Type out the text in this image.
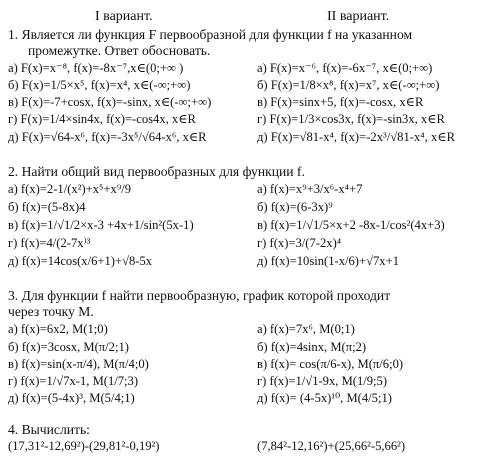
I вариант.	II вариант.
1. Является ли функция F первообразной для функции f на указанном
промежутке. Ответ обосновать.
а) F(x)=x⁻⁸, f(x)=-8x⁻⁷,x∈(0;+∞ )
б) F(x)=1/5×x⁵, f(x)=x⁴, x∈(-∞;+∞)
в) F(x)=-7+cosx, f(x)=-sinx, x∈(-∞;+∞)
г) F(x)=1/4×sin4x, f(x)=-cos4x, x∈R
д) F(x)=√64-x⁶, f(x)=-3x⁵/√64-x⁶, x∈R
а) F(x)=x⁻⁶, f(x)=-6x⁻⁷, x∈(0;+∞)
б) F(x)=1/8×x⁸, f(x)=x⁷, x∈(-∞;+∞)
в) F(x)=sinx+5, f(x)=-cosx, x∈R
г) F(x)=1/3×cos3x, f(x)=-sin3x, x∈R
д) F(x)=√81-x⁴, f(x)=-2x³/√81-x⁴, x∈R
2. Найти общий вид первообразных для функции f.
а) f(x)=2-1/(x²)+x⁵+x⁹/9
б) f(x)=(5-8x)4
в) f(x)=1/√1/2×x-3 +4x+1/sin²(5x-1)
г) f(x)=4/(2-7x⁾³
д) f(x)=14cos(x/6+1)+√8-5x
а) f(x)=x⁹+3/x⁶-x⁴+7
б) f(x)=(6-3x)⁹
в) f(x)=1/√1/5×x+2 -8x-1/cos²(4x+3)
г) f(x)=3/(7-2x)⁴
д) f(x)=10sin(1-x/6)+√7x+1
3. Для функции f найти первообразную, график которой проходит
через точку М.
а) f(x)=6x2, M(1;0)
б) f(x)=3cosx, M(π/2;1)
в) f(x)=sin(x-π/4), M(π/4;0)
г) f(x)=1/√7x-1, M(1/7;3)
д) f(x)=(5-4x)³, M(5/4;1)
а) f(x)=7x⁶, M(0;1)
б) f(x)=4sinx, M(π;2)
в) f(x)= cos(π/6-x), M(π/6;0)
г) f(x)=1/√1-9x, M(1/9;5)
д) f(x)= (4-5x)¹⁰, M(4/5;1)
4. Вычислить:
(17,31²-12,69²)-(29,81²-0,19²)	(7,84²-12,16²)+(25,66²-5,66²)
